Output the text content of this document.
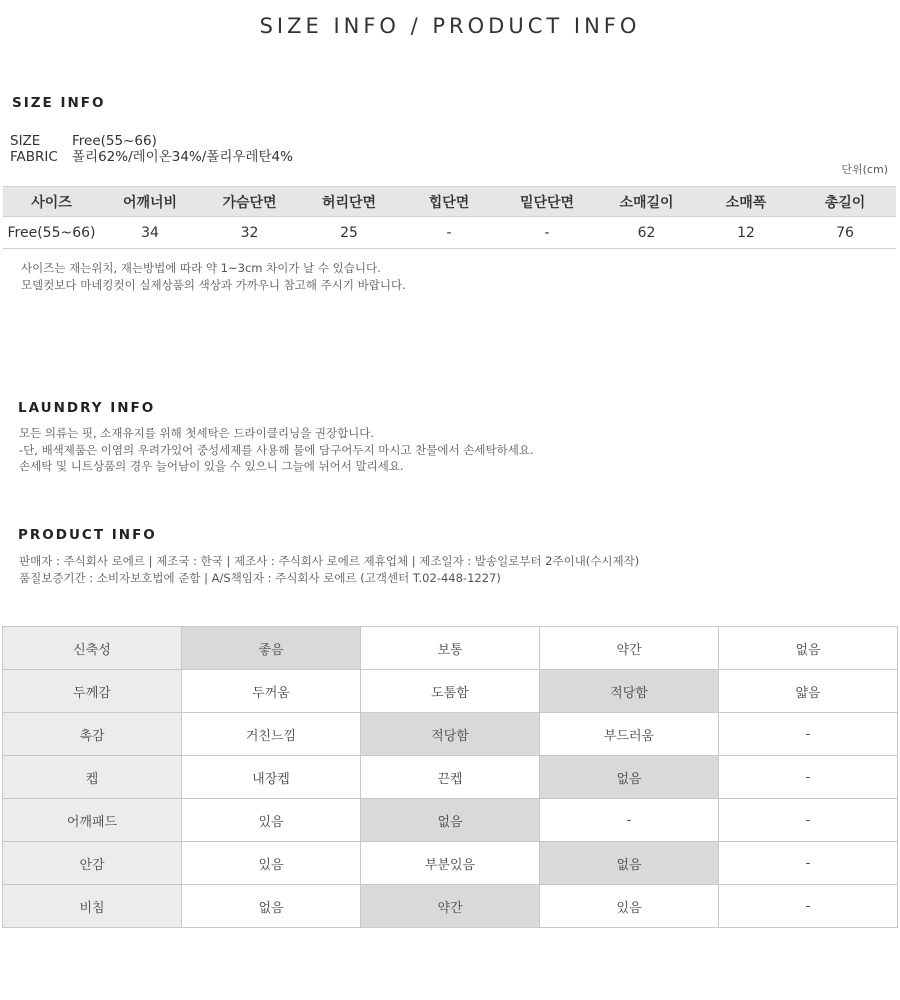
SIZE INFO / PRODUCT INFO
SIZE INFO
SIZE Free(55~66)
FABRIC 폴리62%/레이온34%/폴리우레탄4%
단위(cm)
사이즈	어깨너비	가슴단면	허리단면	힙단면	밑단단면	소매길이	소매폭	총길이
Free(55~66)	34	32	25	-	-	62	12	76
사이즈는 재는위치, 재는방법에 따라 약 1~3cm 차이가 날 수 있습니다.
모델컷보다 마네킹컷이 실제상품의 색상과 가까우니 참고해 주시기 바랍니다.
LAUNDRY INFO
모든 의류는 핏, 소재유지를 위해 첫세탁은 드라이클리닝을 권장합니다.
-단, 배색제품은 이염의 우려가있어 중성세제를 사용해 물에 담구어두지 마시고 찬물에서 손세탁하세요.
손세탁 및 니트상품의 경우 늘어남이 있을 수 있으니 그늘에 뉘어서 말리세요.
PRODUCT INFO
판매자 : 주식회사 로에르 | 제조국 : 한국 | 제조사 : 주식회사 로에르 제휴업체 | 제조일자 : 발송일로부터 2주이내(수시제작)
품질보증기간 : 소비자보호법에 준함 | A/S책임자 : 주식회사 로에르 (고객센터 T.02-448-1227)
신축성	좋음	보통	약간	없음
두께감	두꺼움	도톰함	적당함	얇음
촉감	거친느낌	적당함	부드러움	-
켑	내장켑	끈켑	없음	-
어깨패드	있음	없음	-	-
안감	있음	부분있음	없음	-
비침	없음	약간	있음	-
